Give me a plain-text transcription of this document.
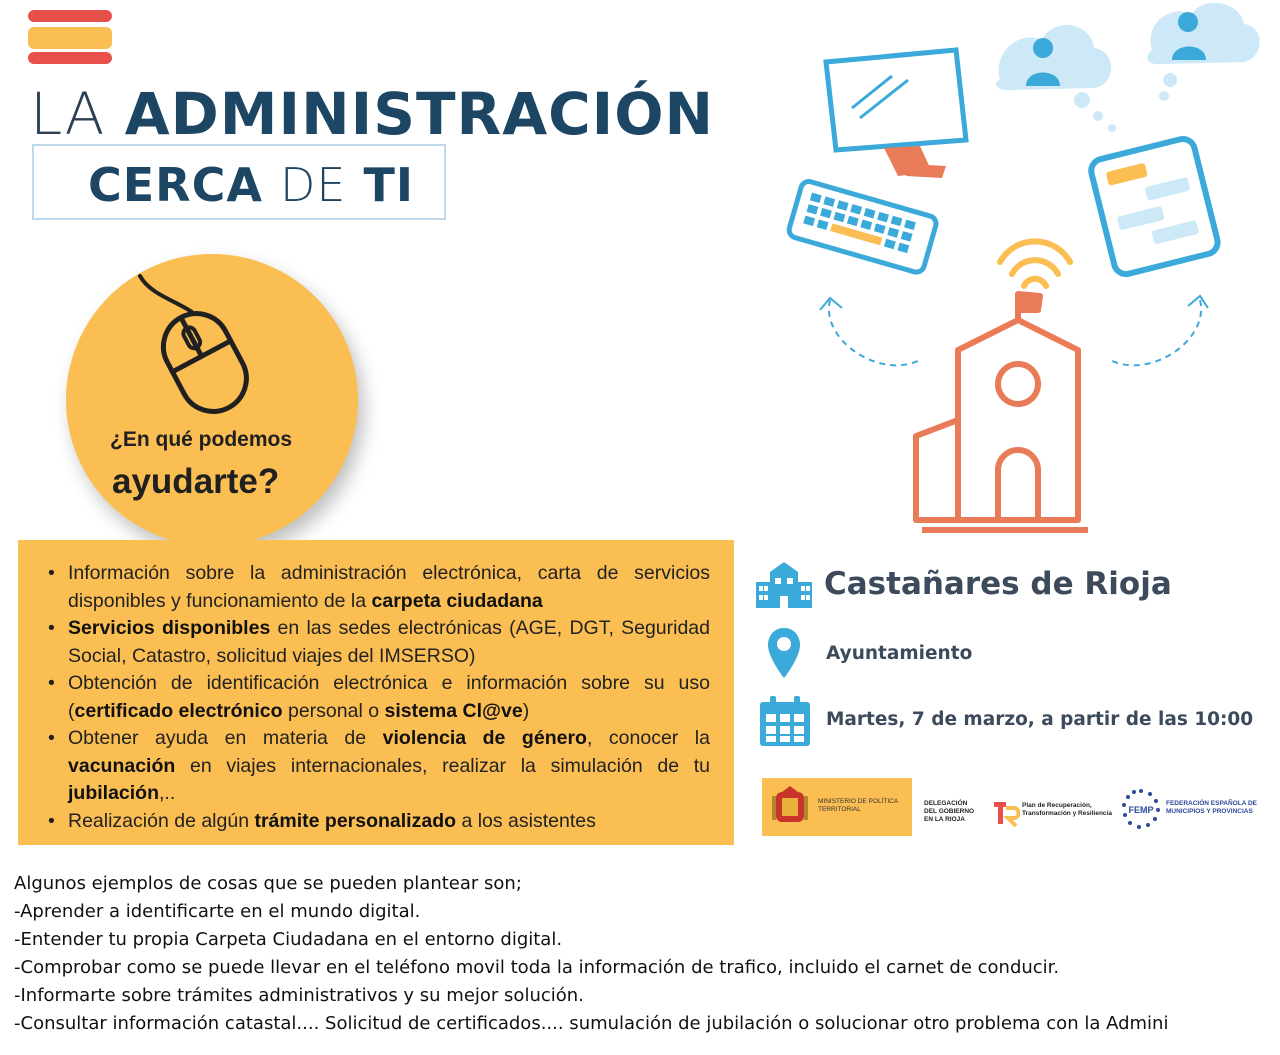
LA ADMINISTRACIÓN
CERCA DE TI
¿En qué podemos
ayudarte?
• Información sobre la administración electrónica, carta de servicios disponibles y funcionamiento de la carpeta ciudadana
• Servicios disponibles en las sedes electrónicas (AGE, DGT, Seguridad Social, Catastro, solicitud viajes del IMSERSO)
• Obtención de identificación electrónica e información sobre su uso (certificado electrónico personal o sistema Cl@ve)
• Obtener ayuda en materia de violencia de género, conocer la vacunación en viajes internacionales, realizar la simulación de tu jubilación,..
• Realización de algún trámite personalizado a los asistentes
Castañares de Rioja
Ayuntamiento
Martes, 7 de marzo, a partir de las 10:00
MINISTERIO DE POLÍTICA TERRITORIAL
DELEGACIÓN DEL GOBIERNO EN LA RIOJA
Plan de Recuperación, Transformación y Resiliencia FEMP
FEDERACIÓN ESPAÑOLA DE MUNICIPIOS Y PROVINCIAS
Algunos ejemplos de cosas que se pueden plantear son;
-Aprender a identificarte en el mundo digital.
-Entender tu propia Carpeta Ciudadana en el entorno digital.
-Comprobar como se puede llevar en el teléfono movil toda la información de trafico, incluido el carnet de conducir.
-Informarte sobre trámites administrativos y su mejor solución.
-Consultar información catastal.... Solicitud de certificados.... sumulación de jubilación o solucionar otro problema con la Admini
